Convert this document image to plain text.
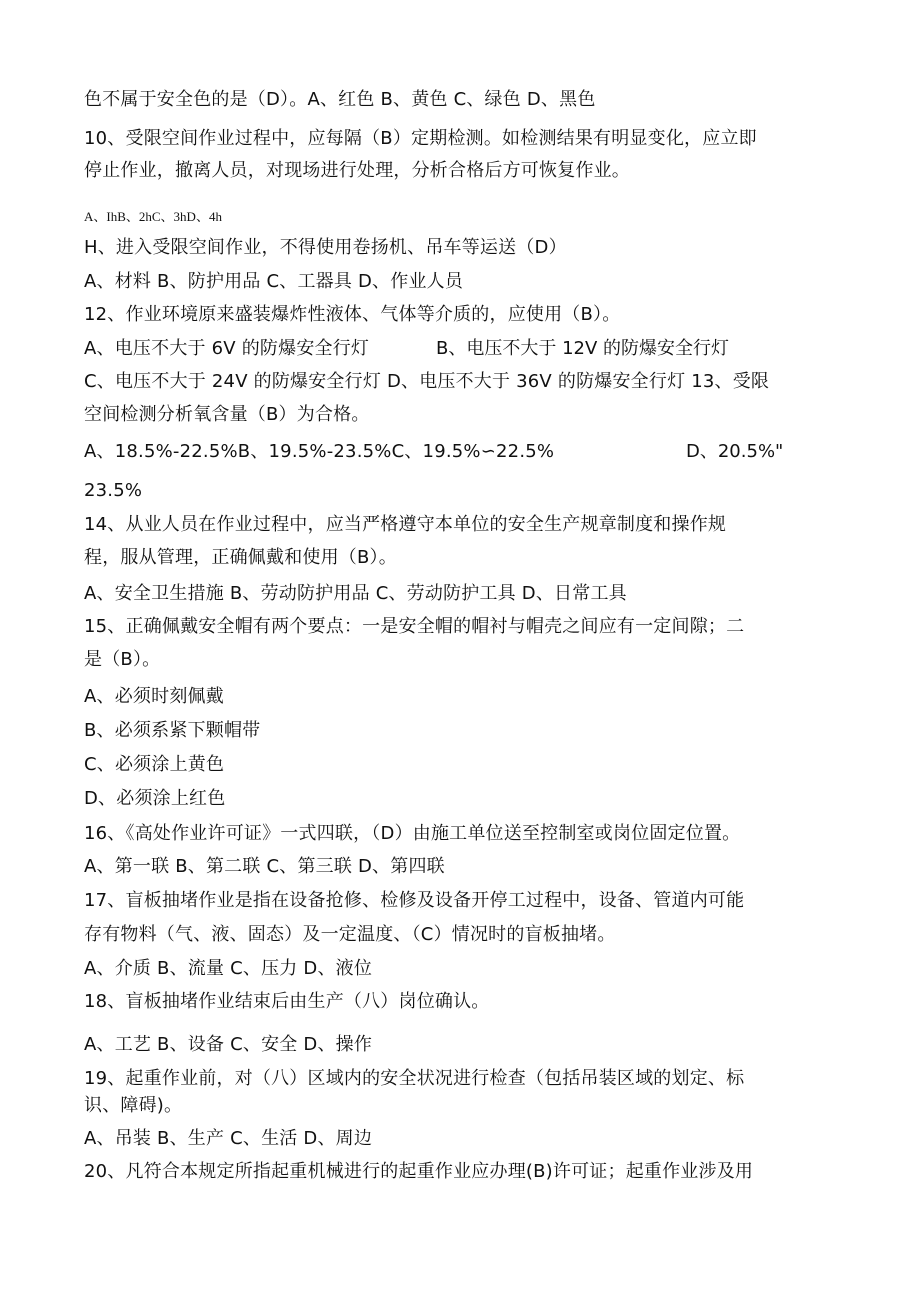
色不属于安全色的是（D）。A、红色 B、黄色 C、绿色 D、黑色
10、受限空间作业过程中，应每隔（B）定期检测。如检测结果有明显变化，应立即
停止作业，撤离人员，对现场进行处理，分析合格后方可恢复作业。
A、IhB、2hC、3hD、4h
H、进入受限空间作业，不得使用卷扬机、吊车等运送（D）
A、材料 B、防护用品 C、工器具 D、作业人员
12、作业环境原来盛装爆炸性液体、气体等介质的，应使用（B）。
A、电压不大于 6V 的防爆安全行灯	B、电压不大于 12V 的防爆安全行灯
C、电压不大于 24V 的防爆安全行灯 D、电压不大于 36V 的防爆安全行灯 13、受限
空间检测分析氧含量（B）为合格。
A、18.5%-22.5%B、19.5%-23.5%C、19.5%∽22.5%	D、20.5%"
23.5%
14、从业人员在作业过程中，应当严格遵守本单位的安全生产规章制度和操作规
程，服从管理，正确佩戴和使用（B）。
A、安全卫生措施 B、劳动防护用品 C、劳动防护工具 D、日常工具
15、正确佩戴安全帽有两个要点：一是安全帽的帽衬与帽壳之间应有一定间隙；二
是（B）。
A、必须时刻佩戴
B、必须系紧下颗帽带
C、必须涂上黄色
D、必须涂上红色
16、《高处作业许可证》一式四联，（D）由施工单位送至控制室或岗位固定位置。
A、第一联 B、第二联 C、第三联 D、第四联
17、盲板抽堵作业是指在设备抢修、检修及设备开停工过程中，设备、管道内可能
存有物料（气、液、固态）及一定温度、（C）情况时的盲板抽堵。
A、介质 B、流量 C、压力 D、液位
18、盲板抽堵作业结束后由生产（八）岗位确认。
A、工艺 B、设备 C、安全 D、操作
19、起重作业前，对（八）区域内的安全状况进行检查（包括吊装区域的划定、标
识、障碍)。
A、吊装 B、生产 C、生活 D、周边
20、凡符合本规定所指起重机械进行的起重作业应办理(B)许可证；起重作业涉及用
